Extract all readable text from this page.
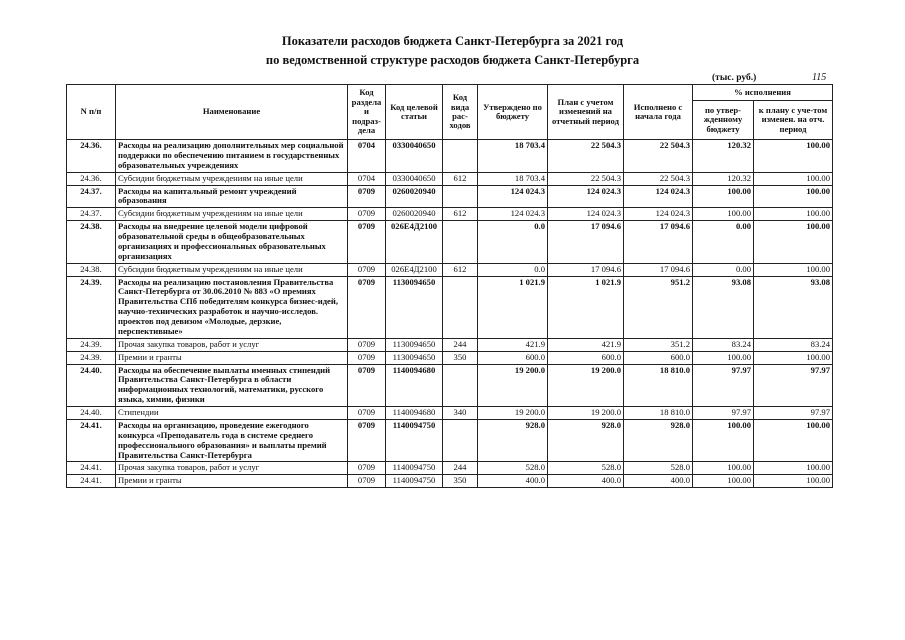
Показатели расходов бюджета Санкт-Петербурга за 2021 год
по ведомственной структуре расходов бюджета Санкт-Петербурга
(тыс. руб.)	115
N п/п	Наименование	Код раздела и подраз-дела	Код целевой статьи	Код вида рас-ходов	Утверждено по бюджету	План с учетом изменений на отчетный период	Исполнено с начала года	% исполнения	
								по утвер-жденному бюджету	к плану с уче-том изменен. на отч. период
24.36.	Расходы на реализацию дополнительных мер социальной поддержки по обеспечению питанием в государственных образовательных учреждениях	0704	0330040650		18 703.4	22 504.3	22 504.3	120.32	100.00
24.36.	Субсидии бюджетным учреждениям на иные цели	0704	0330040650	612	18 703.4	22 504.3	22 504.3	120.32	100.00
24.37.	Расходы на капитальный ремонт учреждений образования	0709	0260020940		124 024.3	124 024.3	124 024.3	100.00	100.00
24.37.	Субсидии бюджетным учреждениям на иные цели	0709	0260020940	612	124 024.3	124 024.3	124 024.3	100.00	100.00
24.38.	Расходы на внедрение целевой модели цифровой образовательной среды в общеобразовательных организациях и профессиональных образовательных организациях	0709	026Е4Д2100		0.0	17 094.6	17 094.6	0.00	100.00
24.38.	Субсидии бюджетным учреждениям на иные цели	0709	026Е4Д2100	612	0.0	17 094.6	17 094.6	0.00	100.00
24.39.	Расходы на реализацию постановления Правительства Санкт-Петербурга от 30.06.2010 № 883 «О премиях Правительства СПб победителям конкурса бизнес-идей, научно-технических разработок и научно-исследов. проектов под девизом «Молодые, дерзкие, перспективные»	0709	1130094650		1 021.9	1 021.9	951.2	93.08	93.08
24.39.	Прочая закупка товаров, работ и услуг	0709	1130094650	244	421.9	421.9	351.2	83.24	83.24
24.39.	Премии и гранты	0709	1130094650	350	600.0	600.0	600.0	100.00	100.00
24.40.	Расходы на обеспечение выплаты именных стипендий Правительства Санкт-Петербурга в области информационных технологий, математики, русского языка, химии, физики	0709	1140094680		19 200.0	19 200.0	18 810.0	97.97	97.97
24.40.	Стипендии	0709	1140094680	340	19 200.0	19 200.0	18 810.0	97.97	97.97
24.41.	Расходы на организацию, проведение ежегодного конкурса «Преподаватель года в системе среднего профессионального образования» и выплаты премий Правительства Санкт-Петербурга	0709	1140094750		928.0	928.0	928.0	100.00	100.00
24.41.	Прочая закупка товаров, работ и услуг	0709	1140094750	244	528.0	528.0	528.0	100.00	100.00
24.41.	Премии и гранты	0709	1140094750	350	400.0	400.0	400.0	100.00	100.00
